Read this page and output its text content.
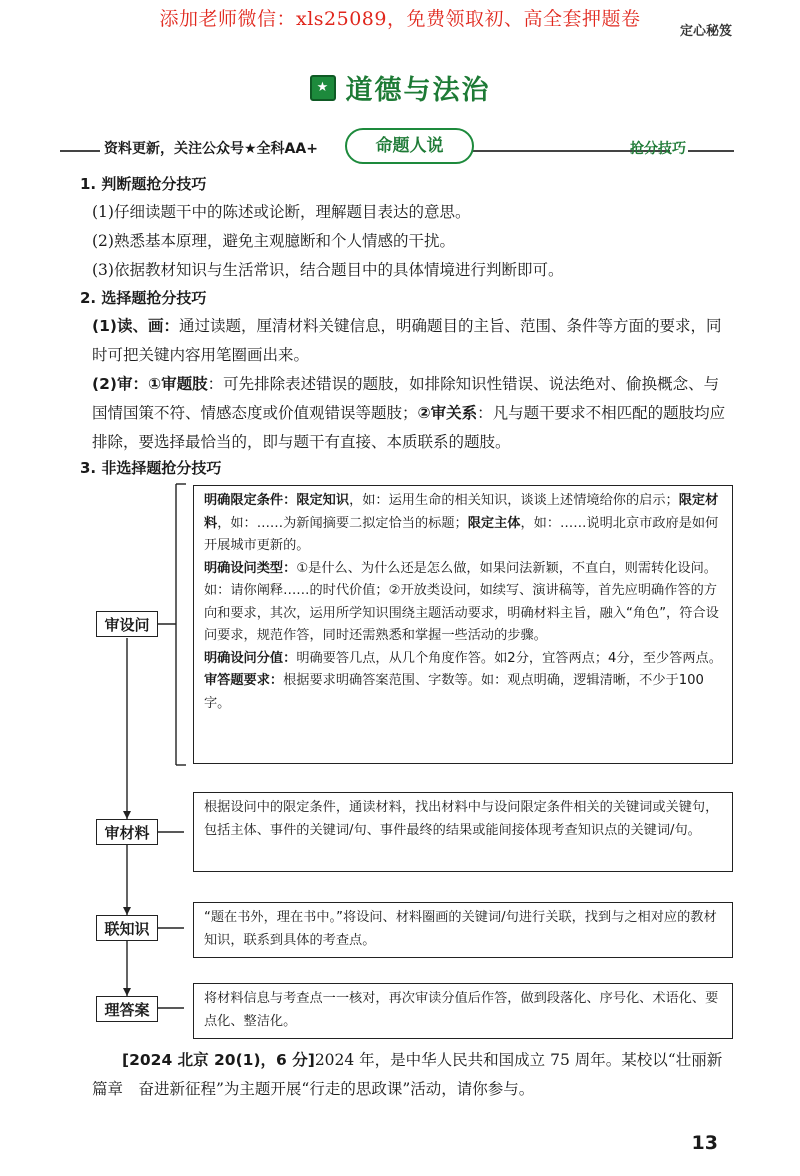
添加老师微信：xls25089，免费领取初、高全套押题卷
定心秘笈
★ 道德与法治
资料更新，关注公众号★全科AA+	命题人说	抢分技巧
1. 判断题抢分技巧
(1)仔细读题干中的陈述或论断，理解题目表达的意思。
(2)熟悉基本原理，避免主观臆断和个人情感的干扰。
(3)依据教材知识与生活常识，结合题目中的具体情境进行判断即可。
2. 选择题抢分技巧
(1)读、画：通过读题，厘清材料关键信息，明确题目的主旨、范围、条件等方面的要求，同时可把关键内容用笔圈画出来。
(2)审：①审题肢：可先排除表述错误的题肢，如排除知识性错误、说法绝对、偷换概念、与国情国策不符、情感态度或价值观错误等题肢；②审关系：凡与题干要求不相匹配的题肢均应排除，要选择最恰当的，即与题干有直接、本质联系的题肢。
3. 非选择题抢分技巧
审设问
明确限定条件：限定知识，如：运用生命的相关知识，谈谈上述情境给你的启示；限定材料，如：……为新闻摘要二拟定恰当的标题；限定主体，如：……说明北京市政府是如何开展城市更新的。
明确设问类型：①是什么、为什么还是怎么做，如果问法新颖，不直白，则需转化设问。如：请你阐释……的时代价值；②开放类设问，如续写、演讲稿等，首先应明确作答的方向和要求，其次，运用所学知识围绕主题活动要求，明确材料主旨，融入“角色”，符合设问要求，规范作答，同时还需熟悉和掌握一些活动的步骤。
明确设问分值：明确要答几点，从几个角度作答。如2分，宜答两点；4分，至少答两点。
审答题要求：根据要求明确答案范围、字数等。如：观点明确，逻辑清晰，不少于100字。
审材料
根据设问中的限定条件，通读材料，找出材料中与设问限定条件相关的关键词或关键句，包括主体、事件的关键词/句、事件最终的结果或能间接体现考查知识点的关键词/句。
联知识
“题在书外，理在书中。”将设问、材料圈画的关键词/句进行关联，找到与之相对应的教材知识，联系到具体的考查点。
理答案
将材料信息与考查点一一核对，再次审读分值后作答，做到段落化、序号化、术语化、要点化、整洁化。
[2024 北京 20(1)，6 分]2024 年，是中华人民共和国成立 75 周年。某校以“壮丽新篇章　奋进新征程”为主题开展“行走的思政课”活动，请你参与。
13
